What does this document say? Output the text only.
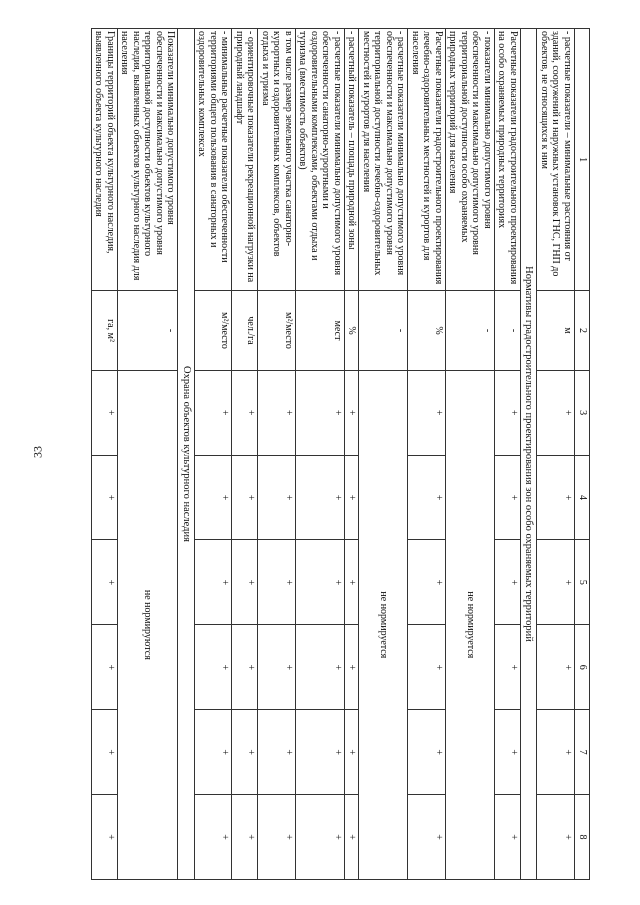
33
1	2	3	4	5	6	7	8
- расчетные показатели – минимальные расстояния от зданий, сооружений и наружных установок ГНС, ГНП до объектов, не относящихся к ним	м	+	+	+	+	+	+
Нормативы градостроительного проектирования зон особо охраняемых территорий							
Расчетные показатели градостроительного проектирования на особо охраняемых природных территориях	-	+	+	+	+	+	+
- показатели минимально допустимого уровня обеспеченности и максимально допустимого уровня территориальной доступности особо охраняемых природных территорий для населения	-	не нормируется					
Расчетные показатели градостроительного проектирования лечебно-оздоровительных местностей и курортов для населения	%	+	+	+	+	+	+
- расчетные показатели минимально допустимого уровня обеспеченности и максимально допустимого уровня территориальной доступности лечебно-оздоровительных местностей и курортов для населения	-	не нормируется					
- расчетный показатель – площадь природной зоны	%	+	+	+	+	+	+
- расчетные показатели минимально допустимого уровня обеспеченности санаторно-курортными и оздоровительными комплексами, объектами отдыха и туризма (вместимость объектов)	мест	+	+	+	+	+	+
в том числе размер земельного участка санаторно-курортных и оздоровительных комплексов, объектов отдыха и туризма	м²/место	+	+	+	+	+	+
- ориентировочные показатели рекреационной нагрузки на природный ландшафт	чел./га	+	+	+	+	+	+
- минимальные расчетные показатели обеспеченности территориями общего пользования в санаторных и оздоровительных комплексах	м²/место	+	+	+	+	+	+
Охрана объектов культурного наследия							
Показатели минимально допустимого уровня обеспеченности и максимально допустимого уровня территориальной доступности объектов культурного наследия, выявленных объектов культурного наследия для населения	-	не нормируются					
Границы территорий объекта культурного наследия, выявленного объекта культурного наследия	га, м²	+	+	+	+	+	+
